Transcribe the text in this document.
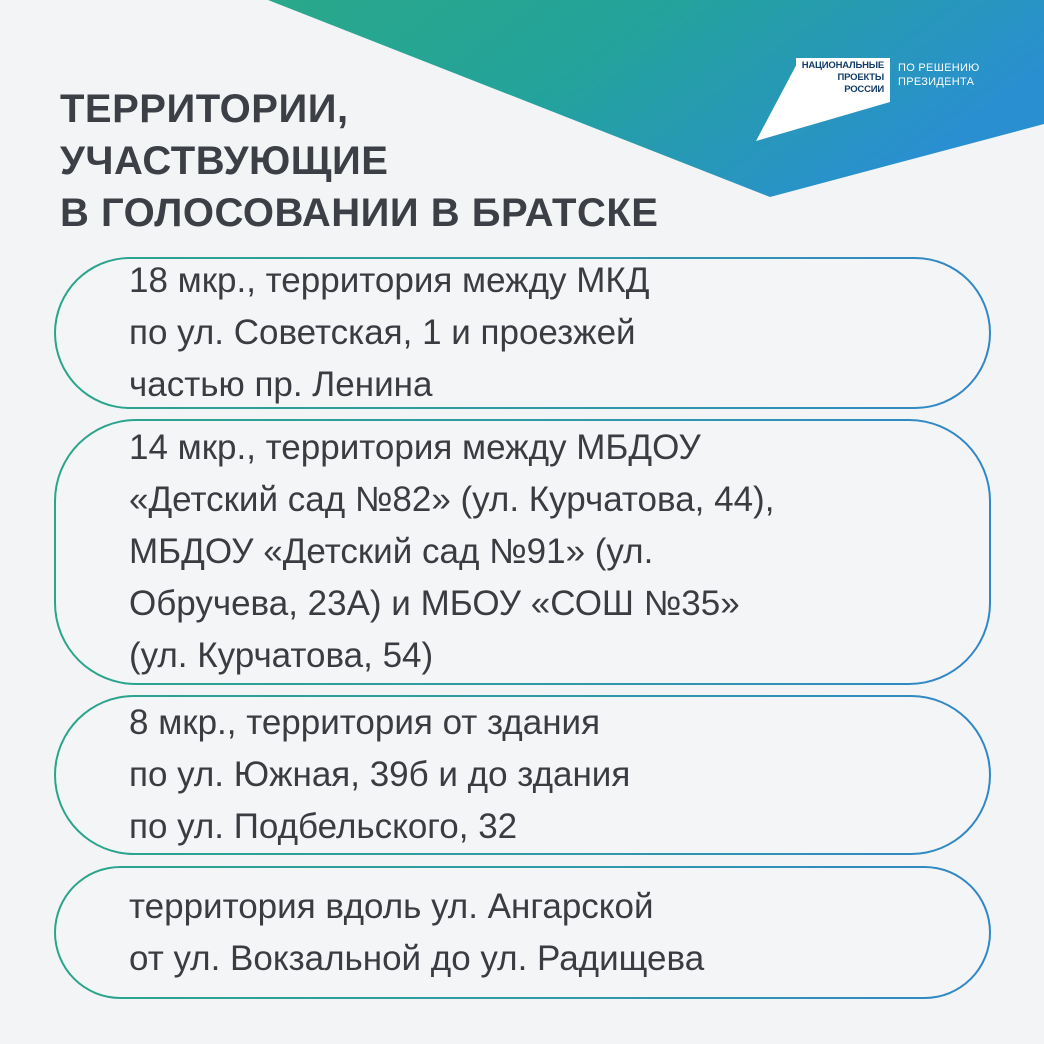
НАЦИОНАЛЬНЫЕ
ПРОЕКТЫ
РОССИИ
ПО РЕШЕНИЮ
ПРЕЗИДЕНТА
ТЕРРИТОРИИ,
УЧАСТВУЮЩИЕ
В ГОЛОСОВАНИИ В БРАТСКЕ
18 мкр., территория между МКД
по ул. Советская, 1 и проезжей
частью пр. Ленина
14 мкр., территория между МБДОУ
«Детский сад №82» (ул. Курчатова, 44),
МБДОУ «Детский сад №91» (ул.
Обручева, 23А) и МБОУ «СОШ №35»
(ул. Курчатова, 54)
8 мкр., территория от здания
по ул. Южная, 39б и до здания
по ул. Подбельского, 32
территория вдоль ул. Ангарской
от ул. Вокзальной до ул. Радищева
